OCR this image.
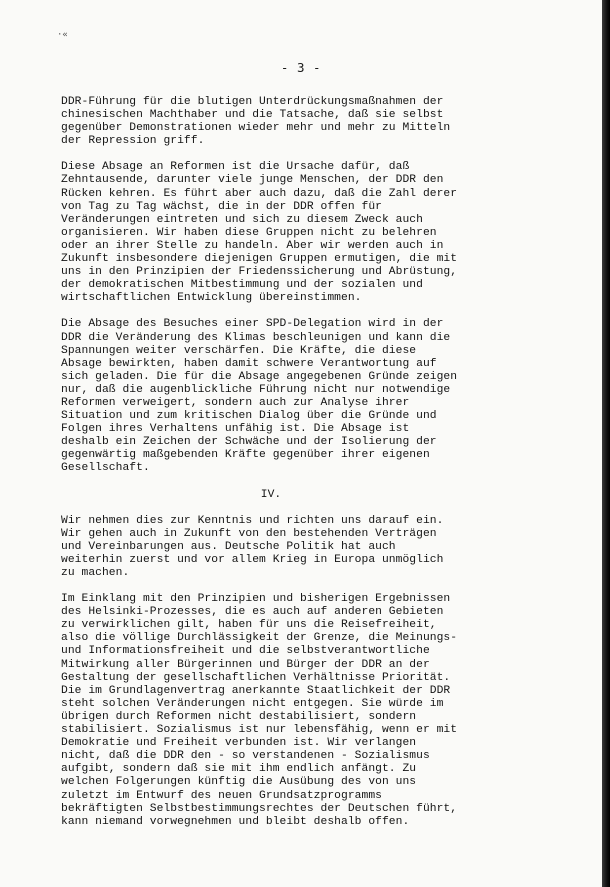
·«
- 3 -
DDR-Führung für die blutigen Unterdrückungsmaßnahmen der
chinesischen Machthaber und die Tatsache, daß sie selbst
gegenüber Demonstrationen wieder mehr und mehr zu Mitteln
der Repression griff.
Diese Absage an Reformen ist die Ursache dafür, daß
Zehntausende, darunter viele junge Menschen, der DDR den
Rücken kehren. Es führt aber auch dazu, daß die Zahl derer
von Tag zu Tag wächst, die in der DDR offen für
Veränderungen eintreten und sich zu diesem Zweck auch
organisieren. Wir haben diese Gruppen nicht zu belehren
oder an ihrer Stelle zu handeln. Aber wir werden auch in
Zukunft insbesondere diejenigen Gruppen ermutigen, die mit
uns in den Prinzipien der Friedenssicherung und Abrüstung,
der demokratischen Mitbestimmung und der sozialen und
wirtschaftlichen Entwicklung übereinstimmen.
Die Absage des Besuches einer SPD-Delegation wird in der
DDR die Veränderung des Klimas beschleunigen und kann die
Spannungen weiter verschärfen. Die Kräfte, die diese
Absage bewirkten, haben damit schwere Verantwortung auf
sich geladen. Die für die Absage angegebenen Gründe zeigen
nur, daß die augenblickliche Führung nicht nur notwendige
Reformen verweigert, sondern auch zur Analyse ihrer
Situation und zum kritischen Dialog über die Gründe und
Folgen ihres Verhaltens unfähig ist. Die Absage ist
deshalb ein Zeichen der Schwäche und der Isolierung der
gegenwärtig maßgebenden Kräfte gegenüber ihrer eigenen
Gesellschaft.
IV.
Wir nehmen dies zur Kenntnis und richten uns darauf ein.
Wir gehen auch in Zukunft von den bestehenden Verträgen
und Vereinbarungen aus. Deutsche Politik hat auch
weiterhin zuerst und vor allem Krieg in Europa unmöglich
zu machen.
Im Einklang mit den Prinzipien und bisherigen Ergebnissen
des Helsinki-Prozesses, die es auch auf anderen Gebieten
zu verwirklichen gilt, haben für uns die Reisefreiheit,
also die völlige Durchlässigkeit der Grenze, die Meinungs-
und Informationsfreiheit und die selbstverantwortliche
Mitwirkung aller Bürgerinnen und Bürger der DDR an der
Gestaltung der gesellschaftlichen Verhältnisse Priorität.
Die im Grundlagenvertrag anerkannte Staatlichkeit der DDR
steht solchen Veränderungen nicht entgegen. Sie würde im
übrigen durch Reformen nicht destabilisiert, sondern
stabilisiert. Sozialismus ist nur lebensfähig, wenn er mit
Demokratie und Freiheit verbunden ist. Wir verlangen
nicht, daß die DDR den - so verstandenen - Sozialismus
aufgibt, sondern daß sie mit ihm endlich anfängt. Zu
welchen Folgerungen künftig die Ausübung des von uns
zuletzt im Entwurf des neuen Grundsatzprogramms
bekräftigten Selbstbestimmungsrechtes der Deutschen führt,
kann niemand vorwegnehmen und bleibt deshalb offen.
